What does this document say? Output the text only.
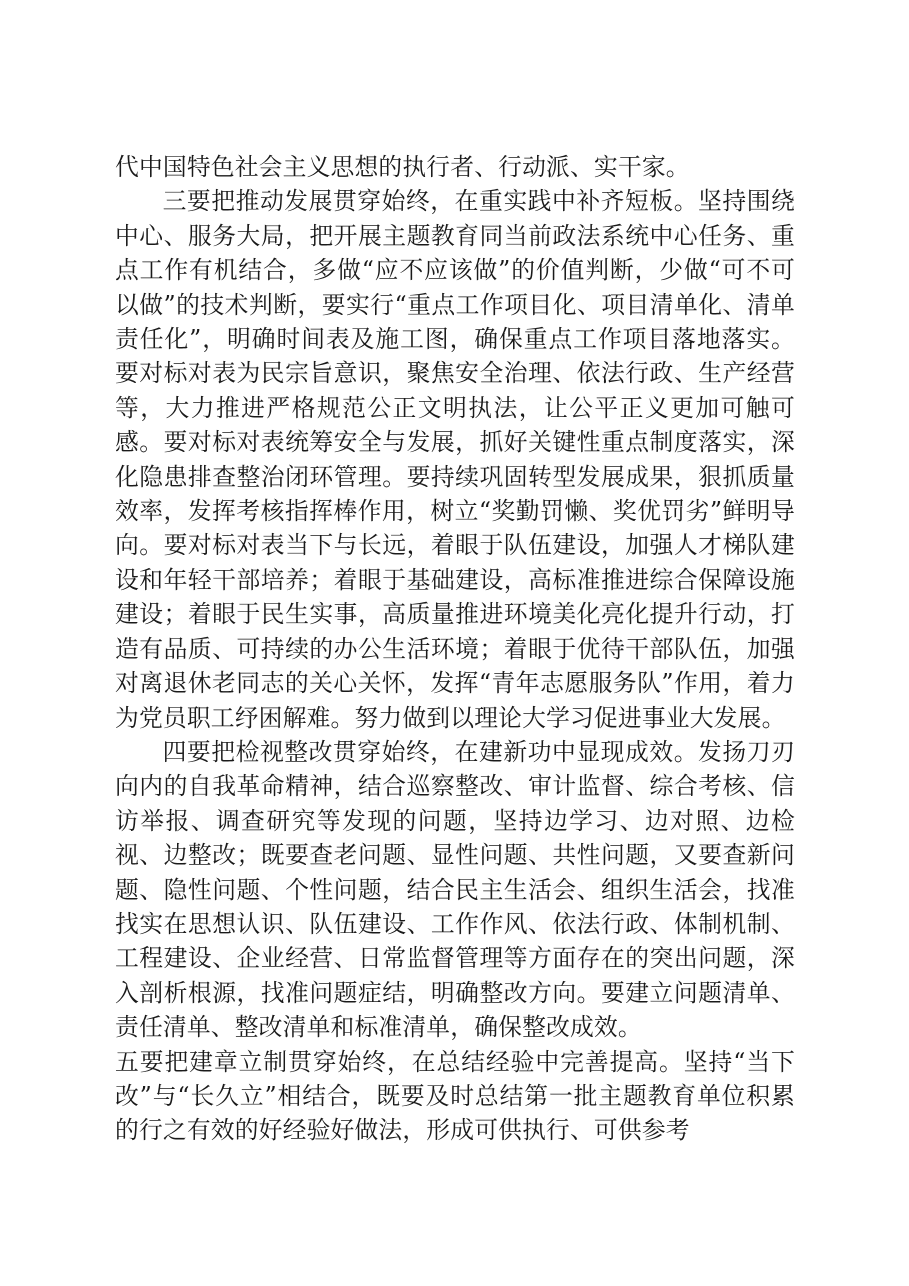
代中国特色社会主义思想的执行者、行动派、实干家。

三要把推动发展贯穿始终，在重实践中补齐短板。坚持围绕中心、服务大局，把开展主题教育同当前政法系统中心任务、重点工作有机结合，多做“应不应该做”的价值判断，少做“可不可以做”的技术判断，要实行“重点工作项目化、项目清单化、清单责任化”，明确时间表及施工图，确保重点工作项目落地落实。要对标对表为民宗旨意识，聚焦安全治理、依法行政、生产经营等，大力推进严格规范公正文明执法，让公平正义更加可触可感。要对标对表统筹安全与发展，抓好关键性重点制度落实，深化隐患排查整治闭环管理。要持续巩固转型发展成果，狠抓质量效率，发挥考核指挥棒作用，树立“奖勤罚懒、奖优罚劣”鲜明导向。要对标对表当下与长远，着眼于队伍建设，加强人才梯队建设和年轻干部培养；着眼于基础建设，高标准推进综合保障设施建设；着眼于民生实事，高质量推进环境美化亮化提升行动，打造有品质、可持续的办公生活环境；着眼于优待干部队伍，加强对离退休老同志的关心关怀，发挥“青年志愿服务队”作用，着力为党员职工纾困解难。努力做到以理论大学习促进事业大发展。

四要把检视整改贯穿始终，在建新功中显现成效。发扬刀刃向内的自我革命精神，结合巡察整改、审计监督、综合考核、信访举报、调查研究等发现的问题，坚持边学习、边对照、边检视、边整改；既要查老问题、显性问题、共性问题，又要查新问题、隐性问题、个性问题，结合民主生活会、组织生活会，找准找实在思想认识、队伍建设、工作作风、依法行政、体制机制、工程建设、企业经营、日常监督管理等方面存在的突出问题，深入剖析根源，找准问题症结，明确整改方向。要建立问题清单、责任清单、整改清单和标准清单，确保整改成效。

五要把建章立制贯穿始终，在总结经验中完善提高。坚持“当下改”与“长久立”相结合，既要及时总结第一批主题教育单位积累的行之有效的好经验好做法，形成可供执行、可供参考
